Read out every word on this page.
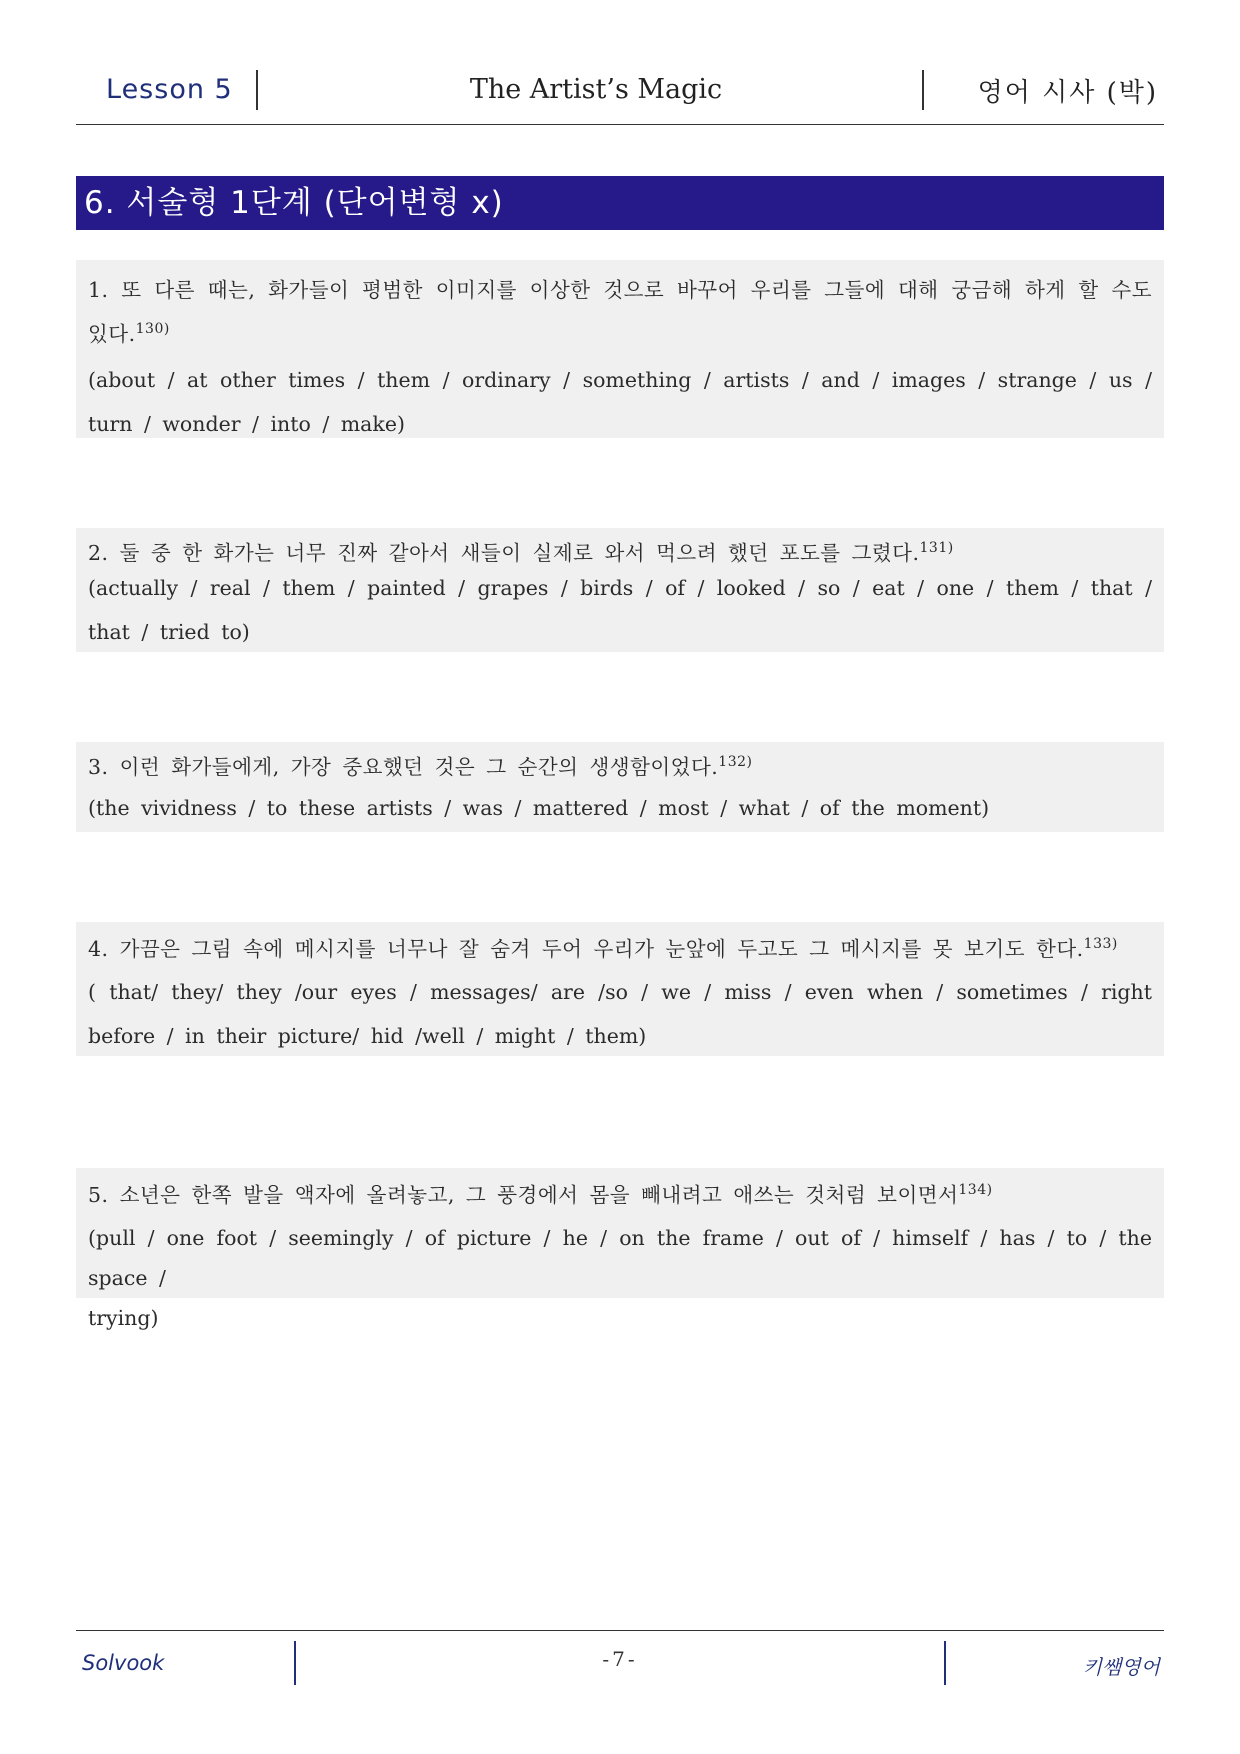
Lesson 5	The Artist’s Magic	영어 시사 (박)
6. 서술형 1단계 (단어변형 x)
1. 또 다른 때는, 화가들이 평범한 이미지를 이상한 것으로 바꾸어 우리를 그들에 대해 궁금해 하게 할 수도 있다.$^{130)}$
(about / at other times / them / ordinary / something / artists / and / images / strange / us / turn / wonder / into / make)
2. 둘 중 한 화가는 너무 진짜 같아서 새들이 실제로 와서 먹으려 했던 포도를 그렸다.$^{131)}$
(actually / real / them / painted / grapes / birds / of / looked / so / eat / one / them / that / that / tried to)
3. 이런 화가들에게, 가장 중요했던 것은 그 순간의 생생함이었다.$^{132)}$
(the vividness / to these artists / was / mattered / most / what / of the moment)
4. 가끔은 그림 속에 메시지를 너무나 잘 숨겨 두어 우리가 눈앞에 두고도 그 메시지를 못 보기도 한다.$^{133)}$
( that/ they/ they /our eyes / messages/ are /so / we / miss / even when / sometimes / right before / in their picture/ hid /well / might / them)
5. 소년은 한쪽 발을 액자에 올려놓고, 그 풍경에서 몸을 빼내려고 애쓰는 것처럼 보이면서$^{134)}$
(pull / one foot / seemingly / of picture / he / on the frame / out of / himself / has / to / the space /
trying)
Solvook	-7-	키쌤영어
